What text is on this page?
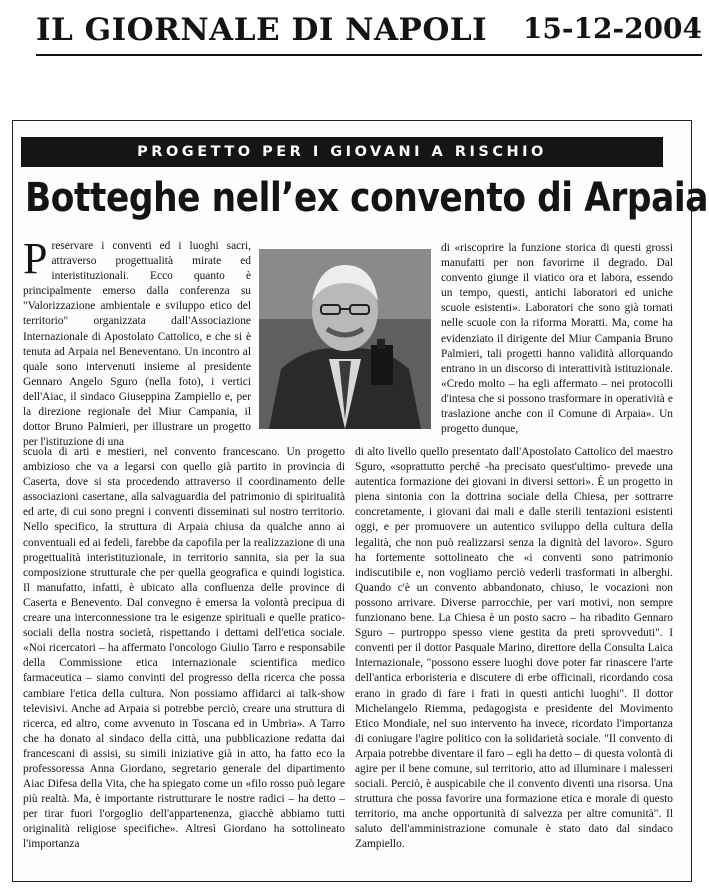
IL GIORNALE DI NAPOLI 15-12-2004
PROGETTO PER I GIOVANI A RISCHIO
Botteghe nell’ex convento di Arpaia
Preservare i conventi ed i luoghi sacri, attraverso progettualità mirate ed interistituzionali. Ecco quanto è principalmente emerso dalla conferenza su "Valorizzazione ambientale e sviluppo etico del territorio" organizzata dall'Associazione Internazionale di Apostolato Cattolico, e che si è tenuta ad Arpaia nel Beneventano. Un incontro al quale sono intervenuti insieme al presidente Gennaro Angelo Sguro (nella foto), i vertici dell'Aiac, il sindaco Giuseppina Zampiello e, per la direzione regionale del Miur Campania, il dottor Bruno Palmieri, per illustrare un progetto per l'istituzione di una
di «riscoprire la funzione storica di questi grossi manufatti per non favorirne il degrado. Dal convento giunge il viatico ora et labora, essendo un tempo, questi, antichi laboratori ed uniche scuole esistenti». Laboratori che sono già tornati nelle scuole con la riforma Moratti. Ma, come ha evidenziato il dirigente del Miur Campania Bruno Palmieri, tali progetti hanno validità allorquando entrano in un discorso di interattività istituzionale. «Credo molto – ha egli affermato – nei protocolli d'intesa che si possono trasformare in operatività e traslazione anche con il Comune di Arpaia». Un progetto dunque,
scuola di arti e mestieri, nel convento francescano. Un progetto ambizioso che va a legarsi con quello già partito in provincia di Caserta, dove si sta procedendo attraverso il coordinamento delle associazioni casertane, alla salvaguardia del patrimonio di spiritualità ed arte, di cui sono pregni i conventi disseminati sul nostro territorio. Nello specifico, la struttura di Arpaia chiusa da qualche anno ai conventuali ed ai fedeli, farebbe da capofila per la realizzazione di una progettualità interistituzionale, in territorio sannita, sia per la sua composizione strutturale che per quella geografica e quindi logistica. Il manufatto, infatti, è ubicato alla confluenza delle province di Caserta e Benevento. Dal convegno è emersa la volontà precipua di creare una interconnessione tra le esigenze spirituali e quelle pratico-sociali della nostra società, rispettando i dettami dell'etica sociale. «Noi ricercatori – ha affermato l'oncologo Giulio Tarro e responsabile della Commissione etica internazionale scientifica medico farmaceutica – siamo convinti del progresso della ricerca che possa cambiare l'etica della cultura. Non possiamo affidarci ai talk-show televisivi. Anche ad Arpaia si potrebbe perciò, creare una struttura di ricerca, ed altro, come avvenuto in Toscana ed in Umbria». A Tarro che ha donato al sindaco della città, una pubblicazione redatta dai francescani di assisi, su simili iniziative già in atto, ha fatto eco la professoressa Anna Giordano, segretario generale del dipartimento Aiac Difesa della Vita, che ha spiegato come un «filo rosso può legare più realtà. Ma, è importante ristrutturare le nostre radici – ha detto – per tirar fuori l'orgoglio dell'appartenenza, giacchè abbiamo tutti originalità religiose specifiche». Altresì Giordano ha sottolineato l'importanza
di alto livello quello presentato dall'Apostolato Cattolico del maestro Sguro, «soprattutto perché -ha precisato quest'ultimo- prevede una autentica formazione dei giovani in diversi settori». È un progetto in piena sintonia con la dottrina sociale della Chiesa, per sottrarre concretamente, i giovani dai mali e dalle sterili tentazioni esistenti oggi, e per promuovere un autentico sviluppo della cultura della legalità, che non può realizzarsi senza la dignità del lavoro». Sguro ha fortemente sottolineato che «i conventi sono patrimonio indiscutibile e, non vogliamo perciò vederli trasformati in alberghi. Quando c'è un convento abbandonato, chiuso, le vocazioni non possono arrivare. Diverse parrocchie, per vari motivi, non sempre funzionano bene. La Chiesa è un posto sacro – ha ribadito Gennaro Sguro – purtroppo spesso viene gestita da preti sprovveduti". I conventi per il dottor Pasquale Marino, direttore della Consulta Laica Internazionale, "possono essere luoghi dove poter far rinascere l'arte dell'antica erboristeria e discutere di erbe officinali, ricordando cosa erano in grado di fare i frati in questi antichi luoghi". Il dottor Michelangelo Riemma, pedagogista e presidente del Movimento Etico Mondiale, nel suo intervento ha invece, ricordato l'importanza di coniugare l'agire politico con la solidarietà sociale. "Il convento di Arpaia potrebbe diventare il faro – egli ha detto – di questa volontà di agire per il bene comune, sul territorio, atto ad illuminare i malesseri sociali. Perciò, è auspicabile che il convento diventi una risorsa. Una struttura che possa favorire una formazione etica e morale di questo territorio, ma anche opportunità di salvezza per altre comunità". Il saluto dell'amministrazione comunale è stato dato dal sindaco Zampiello.
